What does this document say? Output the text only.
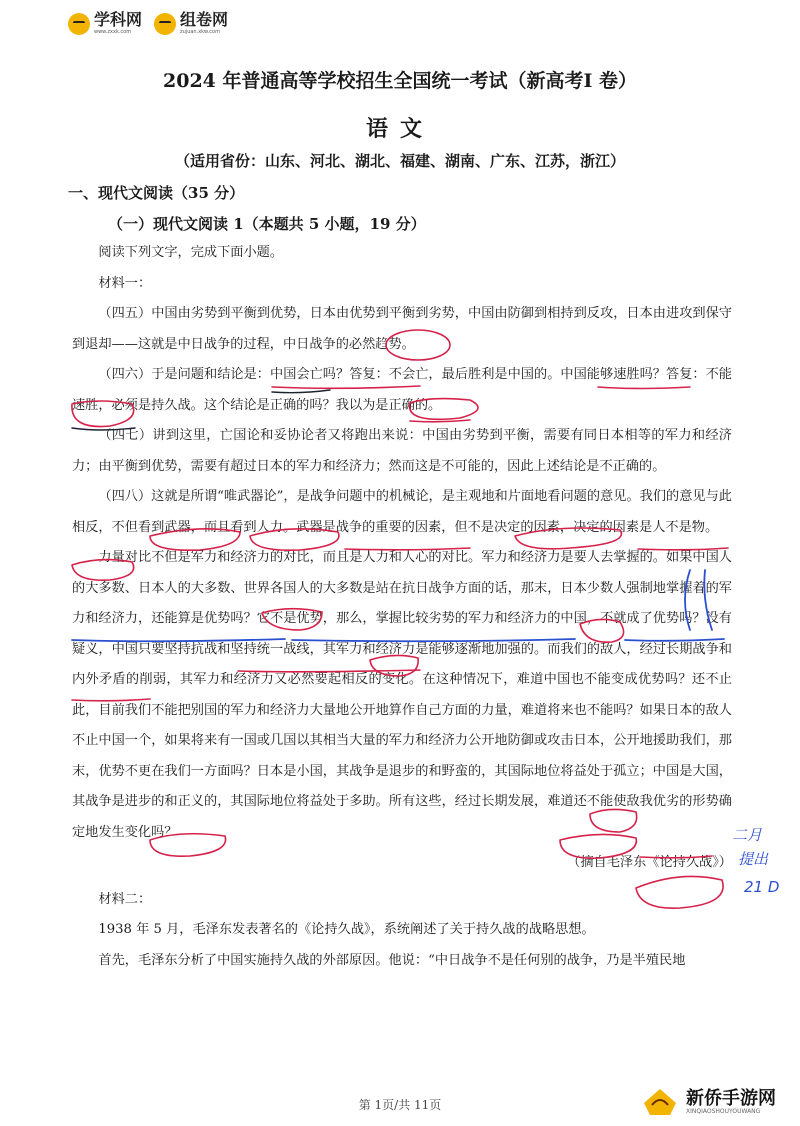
学科网
www.zxxk.com
组卷网
zujuan.xkw.com
2024 年普通高等学校招生全国统一考试（新高考Ⅰ 卷）
语文
（适用省份：山东、河北、湖北、福建、湖南、广东、江苏，浙江）
一、现代文阅读（35 分）
（一）现代文阅读 1（本题共 5 小题，19 分）

阅读下列文字，完成下面小题。

材料一：

（四五）中国由劣势到平衡到优势，日本由优势到平衡到劣势，中国由防御到相持到反攻，日本由进攻到保守到退却——这就是中日战争的过程，中日战争的必然趋势。

（四六）于是问题和结论是：中国会亡吗？答复：不会亡，最后胜利是中国的。中国能够速胜吗？答复：不能速胜，必须是持久战。这个结论是正确的吗？我以为是正确的。

（四七）讲到这里，亡国论和妥协论者又将跑出来说：中国由劣势到平衡，需要有同日本相等的军力和经济力；由平衡到优势，需要有超过日本的军力和经济力；然而这是不可能的，因此上述结论是不正确的。

（四八）这就是所谓“唯武器论”，是战争问题中的机械论，是主观地和片面地看问题的意见。我们的意见与此相反，不但看到武器，而且看到人力。武器是战争的重要的因素，但不是决定的因素，决定的因素是人不是物。

力量对比不但是军力和经济力的对比，而且是人力和人心的对比。军力和经济力是要人去掌握的。如果中国人的大多数、日本人的大多数、世界各国人的大多数是站在抗日战争方面的话，那末，日本少数人强制地掌握着的军力和经济力，还能算是优势吗？它不是优势，那么，掌握比较劣势的军力和经济力的中国，不就成了优势吗？没有疑义，中国只要坚持抗战和坚持统一战线，其军力和经济力是能够逐渐地加强的。而我们的敌人，经过长期战争和内外矛盾的削弱，其军力和经济力又必然要起相反的变化。在这种情况下，难道中国也不能变成优势吗？还不止此，目前我们不能把别国的军力和经济力大量地公开地算作自己方面的力量，难道将来也不能吗？如果日本的敌人不止中国一个，如果将来有一国或几国以其相当大量的军力和经济力公开地防御或攻击日本，公开地援助我们，那末，优势不更在我们一方面吗？日本是小国，其战争是退步的和野蛮的，其国际地位将益处于孤立；中国是大国，其战争是进步的和正义的，其国际地位将益处于多助。所有这些，经过长期发展，难道还不能使敌我优劣的形势确定地发生变化吗？

（摘自毛泽东《论持久战》）

材料二：

1938 年 5 月，毛泽东发表著名的《论持久战》，系统阐述了关于持久战的战略思想。

首先，毛泽东分析了中国实施持久战的外部原因。他说：“中日战争不是任何别的战争，乃是半殖民地

二月
提出
21 D
第 1页/共 11页	新侨手游网
XINQIAOSHOUYOUWANG
